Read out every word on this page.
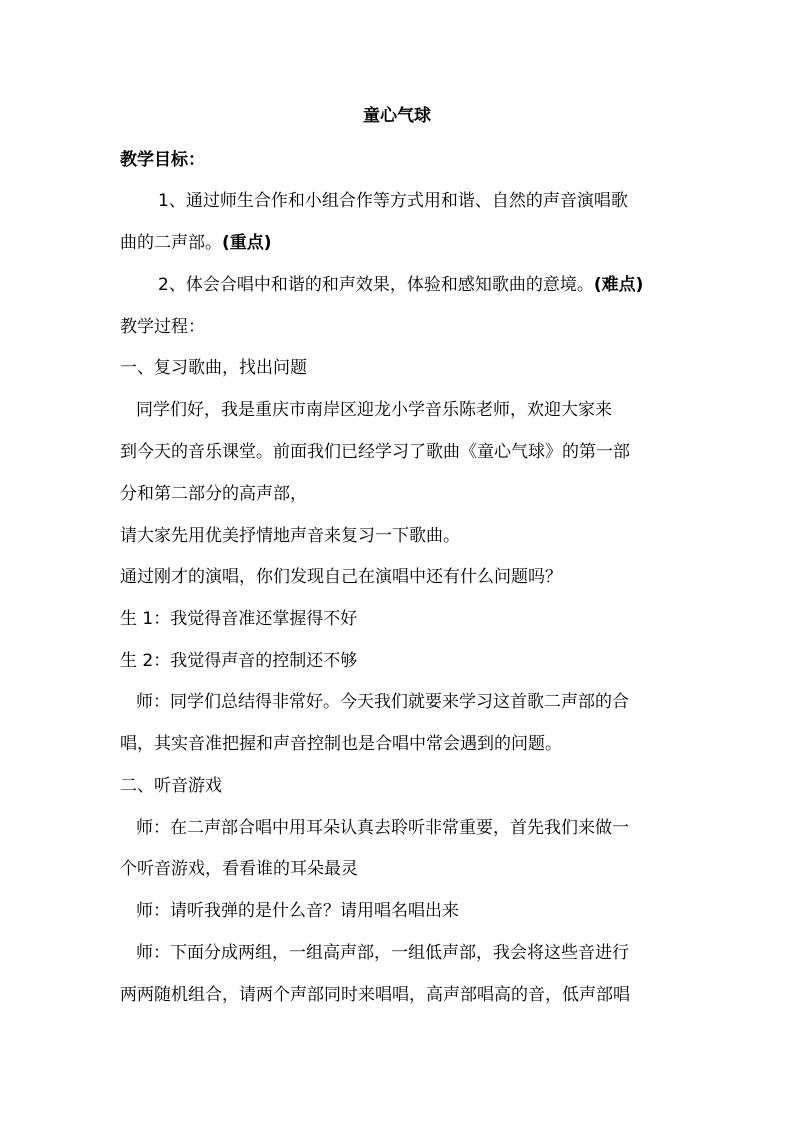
童心气球
教学目标：
1、通过师生合作和小组合作等方式用和谐、自然的声音演唱歌
曲的二声部。(重点)
2、体会合唱中和谐的和声效果，体验和感知歌曲的意境。(难点)
教学过程：
一、复习歌曲，找出问题
同学们好，我是重庆市南岸区迎龙小学音乐陈老师，欢迎大家来
到今天的音乐课堂。前面我们已经学习了歌曲《童心气球》的第一部
分和第二部分的高声部，
请大家先用优美抒情地声音来复习一下歌曲。
通过刚才的演唱，你们发现自己在演唱中还有什么问题吗？
生 1：我觉得音准还掌握得不好
生 2：我觉得声音的控制还不够
师：同学们总结得非常好。今天我们就要来学习这首歌二声部的合
唱，其实音准把握和声音控制也是合唱中常会遇到的问题。
二、听音游戏
师：在二声部合唱中用耳朵认真去聆听非常重要，首先我们来做一
个听音游戏，看看谁的耳朵最灵
师：请听我弹的是什么音？请用唱名唱出来
师：下面分成两组，一组高声部，一组低声部，我会将这些音进行
两两随机组合，请两个声部同时来唱唱，高声部唱高的音，低声部唱
